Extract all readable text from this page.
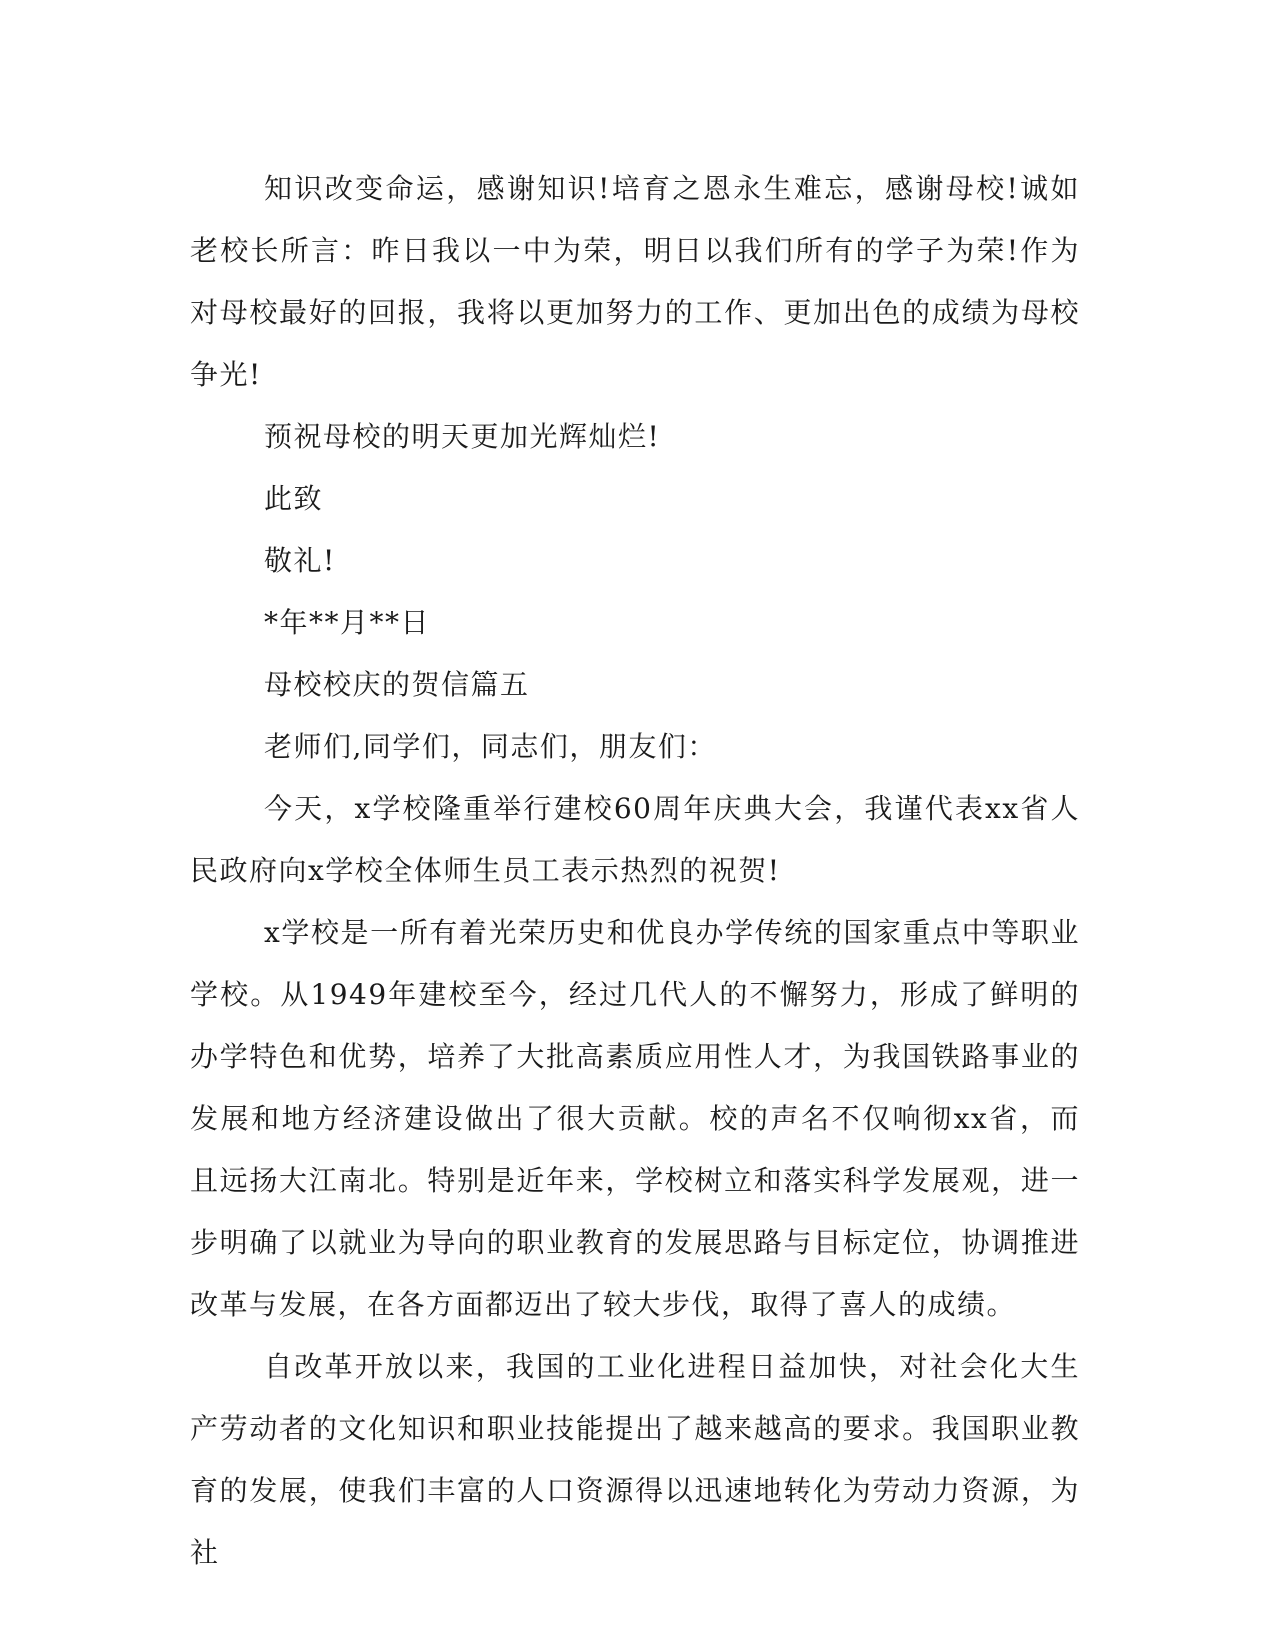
知识改变命运，感谢知识!培育之恩永生难忘，感谢母校!诚如老校长所言：昨日我以一中为荣，明日以我们所有的学子为荣!作为对母校最好的回报，我将以更加努力的工作、更加出色的成绩为母校争光!

预祝母校的明天更加光辉灿烂!

此致

敬礼!

*年**月**日

母校校庆的贺信篇五

老师们,同学们，同志们，朋友们：

今天，x学校隆重举行建校60周年庆典大会，我谨代表xx省人民政府向x学校全体师生员工表示热烈的祝贺!

x学校是一所有着光荣历史和优良办学传统的国家重点中等职业学校。从1949年建校至今，经过几代人的不懈努力，形成了鲜明的办学特色和优势，培养了大批高素质应用性人才，为我国铁路事业的发展和地方经济建设做出了很大贡献。校的声名不仅响彻xx省，而且远扬大江南北。特别是近年来，学校树立和落实科学发展观，进一步明确了以就业为导向的职业教育的发展思路与目标定位，协调推进改革与发展，在各方面都迈出了较大步伐，取得了喜人的成绩。

自改革开放以来，我国的工业化进程日益加快，对社会化大生产劳动者的文化知识和职业技能提出了越来越高的要求。我国职业教育的发展，使我们丰富的人口资源得以迅速地转化为劳动力资源，为社
